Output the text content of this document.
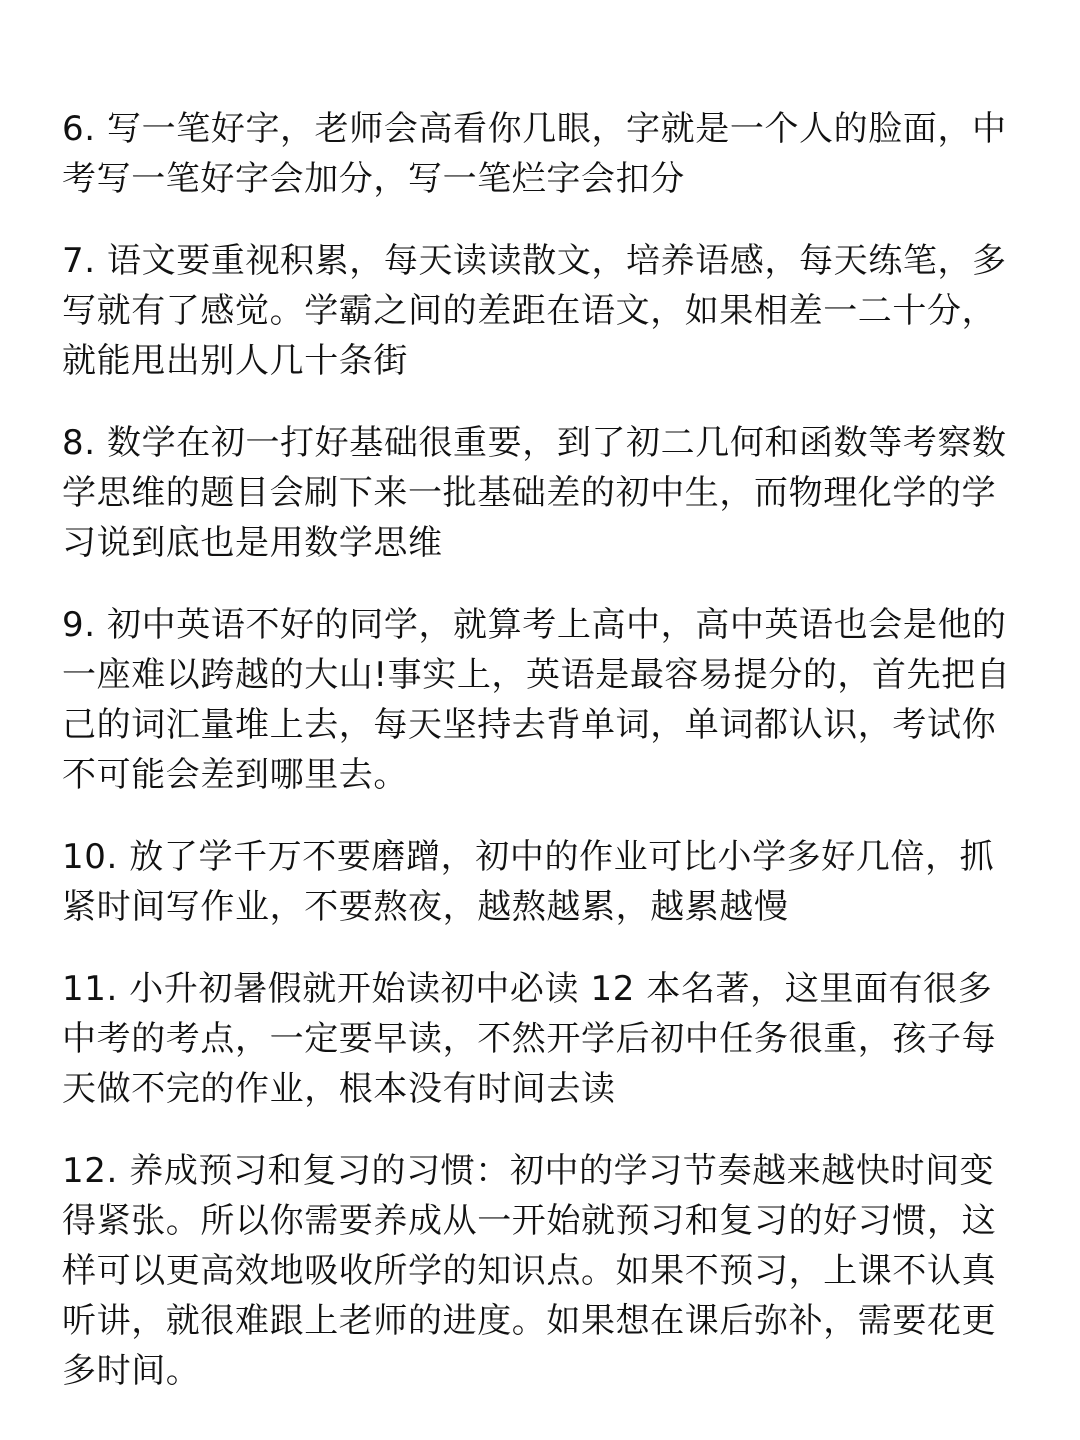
6. 写一笔好字，老师会高看你几眼，字就是一个人的脸面，中考写一笔好字会加分，写一笔烂字会扣分
7. 语文要重视积累，每天读读散文，培养语感，每天练笔，多写就有了感觉。学霸之间的差距在语文，如果相差一二十分，就能甩出别人几十条街
8. 数学在初一打好基础很重要，到了初二几何和函数等考察数学思维的题目会刷下来一批基础差的初中生，而物理化学的学习说到底也是用数学思维
9. 初中英语不好的同学，就算考上高中，高中英语也会是他的一座难以跨越的大山!事实上，英语是最容易提分的，首先把自己的词汇量堆上去，每天坚持去背单词，单词都认识，考试你不可能会差到哪里去。
10. 放了学千万不要磨蹭，初中的作业可比小学多好几倍，抓紧时间写作业，不要熬夜，越熬越累，越累越慢
11. 小升初暑假就开始读初中必读 12 本名著，这里面有很多中考的考点，一定要早读，不然开学后初中任务很重，孩子每天做不完的作业，根本没有时间去读
12. 养成预习和复习的习惯：初中的学习节奏越来越快时间变得紧张。所以你需要养成从一开始就预习和复习的好习惯，这样可以更高效地吸收所学的知识点。如果不预习，上课不认真听讲，就很难跟上老师的进度。如果想在课后弥补，需要花更多时间。
